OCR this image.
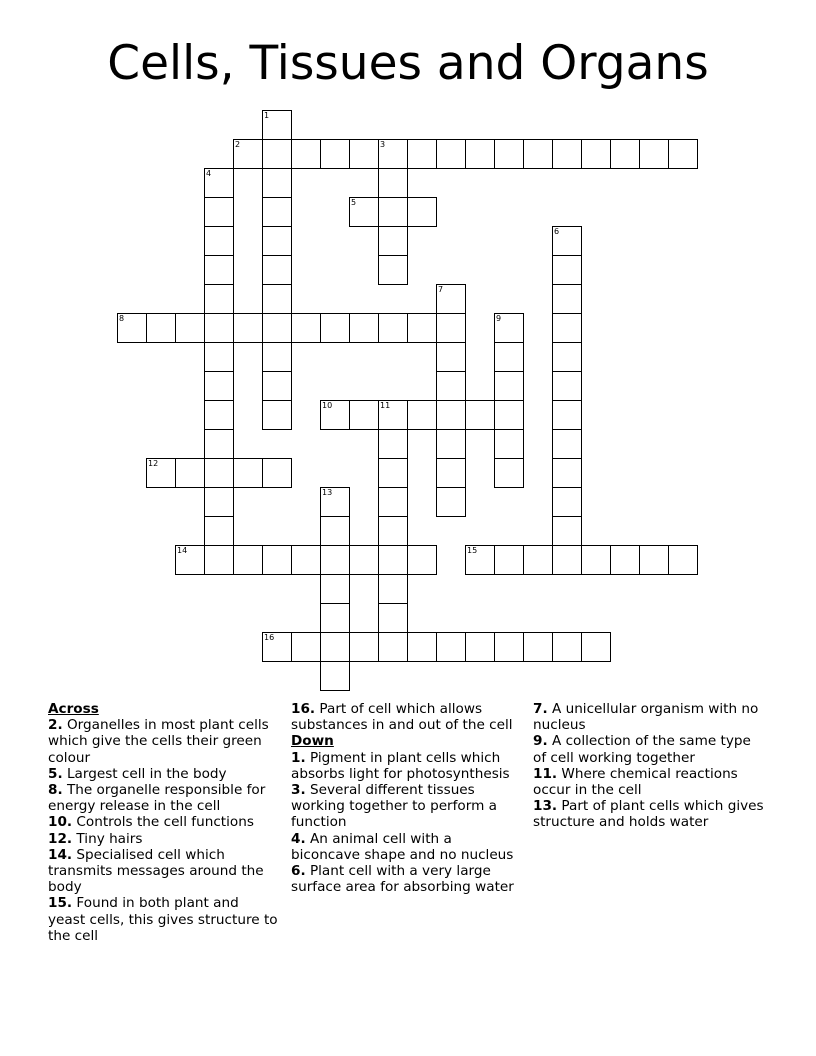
Cells, Tissues and Organs
2	3
5
8
10	11
12
14	15
16
1
4
6
7
9
13

Across

2. Organelles in most plant cells which give the cells their green colour

5. Largest cell in the body

8. The organelle responsible for energy release in the cell

10. Controls the cell functions

12. Tiny hairs

14. Specialised cell which transmits messages around the body

15. Found in both plant and yeast cells, this gives structure to the cell

16. Part of cell which allows substances in and out of the cell

Down

1. Pigment in plant cells which absorbs light for photosynthesis

3. Several different tissues working together to perform a function

4. An animal cell with a biconcave shape and no nucleus

6. Plant cell with a very large surface area for absorbing water

7. A unicellular organism with no nucleus

9. A collection of the same type of cell working together

11. Where chemical reactions occur in the cell

13. Part of plant cells which gives structure and holds water
